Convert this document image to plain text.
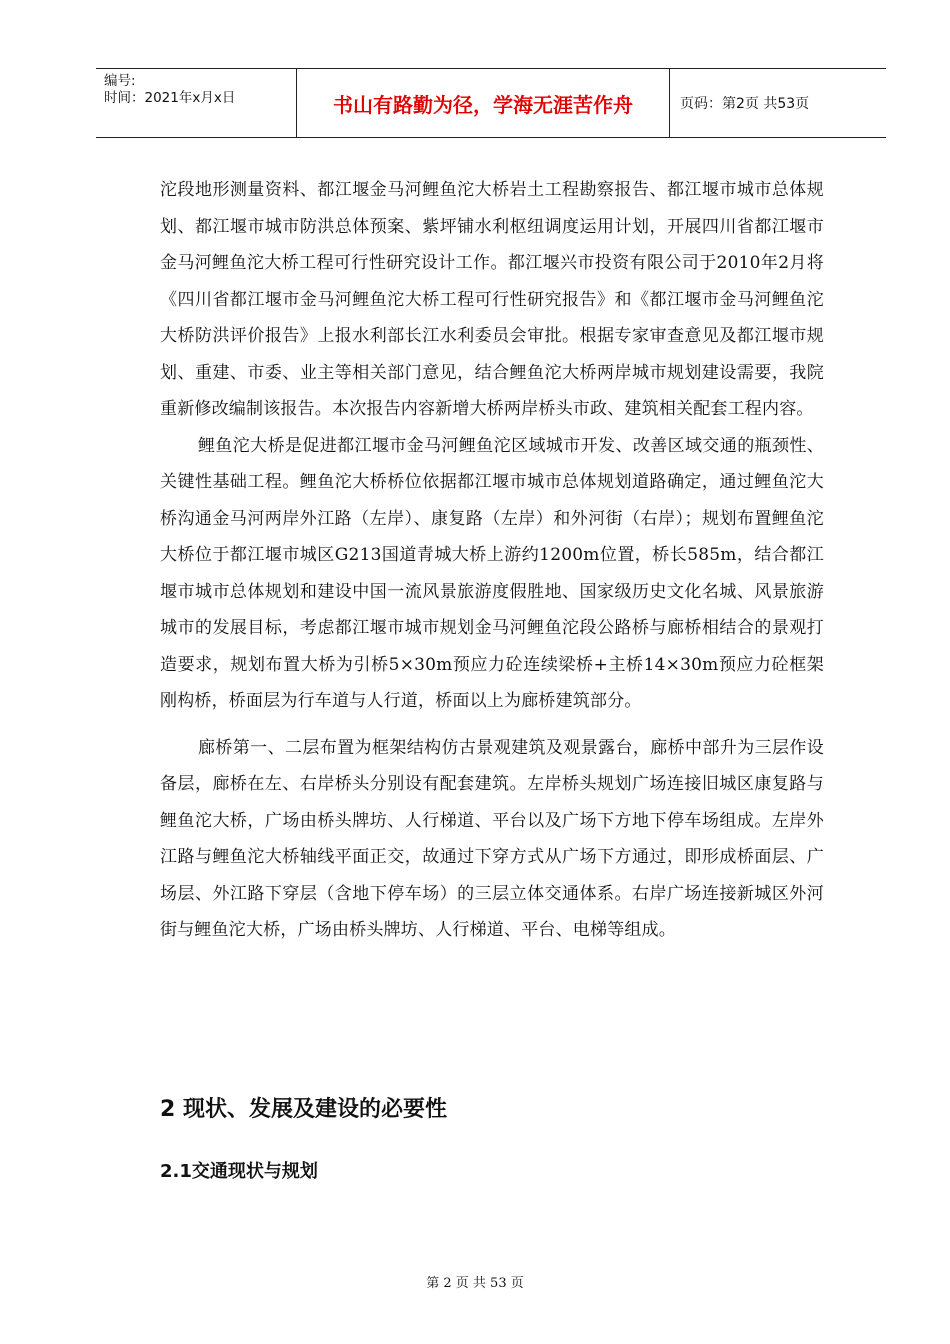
编号:
时间：2021年x月x日	书山有路勤为径，学海无涯苦作舟	页码：第2页 共53页

沱段地形测量资料、都江堰金马河鲤鱼沱大桥岩土工程勘察报告、都江堰市城市总体规划、都江堰市城市防洪总体预案、紫坪铺水利枢纽调度运用计划，开展四川省都江堰市金马河鲤鱼沱大桥工程可行性研究设计工作。都江堰兴市投资有限公司于2010年2月将《四川省都江堰市金马河鲤鱼沱大桥工程可行性研究报告》和《都江堰市金马河鲤鱼沱大桥防洪评价报告》上报水利部长江水利委员会审批。根据专家审查意见及都江堰市规划、重建、市委、业主等相关部门意见，结合鲤鱼沱大桥两岸城市规划建设需要，我院重新修改编制该报告。本次报告内容新增大桥两岸桥头市政、建筑相关配套工程内容。

鲤鱼沱大桥是促进都江堰市金马河鲤鱼沱区域城市开发、改善区域交通的瓶颈性、关键性基础工程。鲤鱼沱大桥桥位依据都江堰市城市总体规划道路确定，通过鲤鱼沱大桥沟通金马河两岸外江路（左岸）、康复路（左岸）和外河街（右岸）；规划布置鲤鱼沱大桥位于都江堰市城区G213国道青城大桥上游约1200m位置，桥长585m，结合都江堰市城市总体规划和建设中国一流风景旅游度假胜地、国家级历史文化名城、风景旅游城市的发展目标，考虑都江堰市城市规划金马河鲤鱼沱段公路桥与廊桥相结合的景观打造要求，规划布置大桥为引桥5×30m预应力砼连续梁桥+主桥14×30m预应力砼框架刚构桥，桥面层为行车道与人行道，桥面以上为廊桥建筑部分。

廊桥第一、二层布置为框架结构仿古景观建筑及观景露台，廊桥中部升为三层作设备层，廊桥在左、右岸桥头分别设有配套建筑。左岸桥头规划广场连接旧城区康复路与鲤鱼沱大桥，广场由桥头牌坊、人行梯道、平台以及广场下方地下停车场组成。左岸外江路与鲤鱼沱大桥轴线平面正交，故通过下穿方式从广场下方通过，即形成桥面层、广场层、外江路下穿层（含地下停车场）的三层立体交通体系。右岸广场连接新城区外河街与鲤鱼沱大桥，广场由桥头牌坊、人行梯道、平台、电梯等组成。

2 现状、发展及建设的必要性
2.1交通现状与规划
第 2 页 共 53 页
